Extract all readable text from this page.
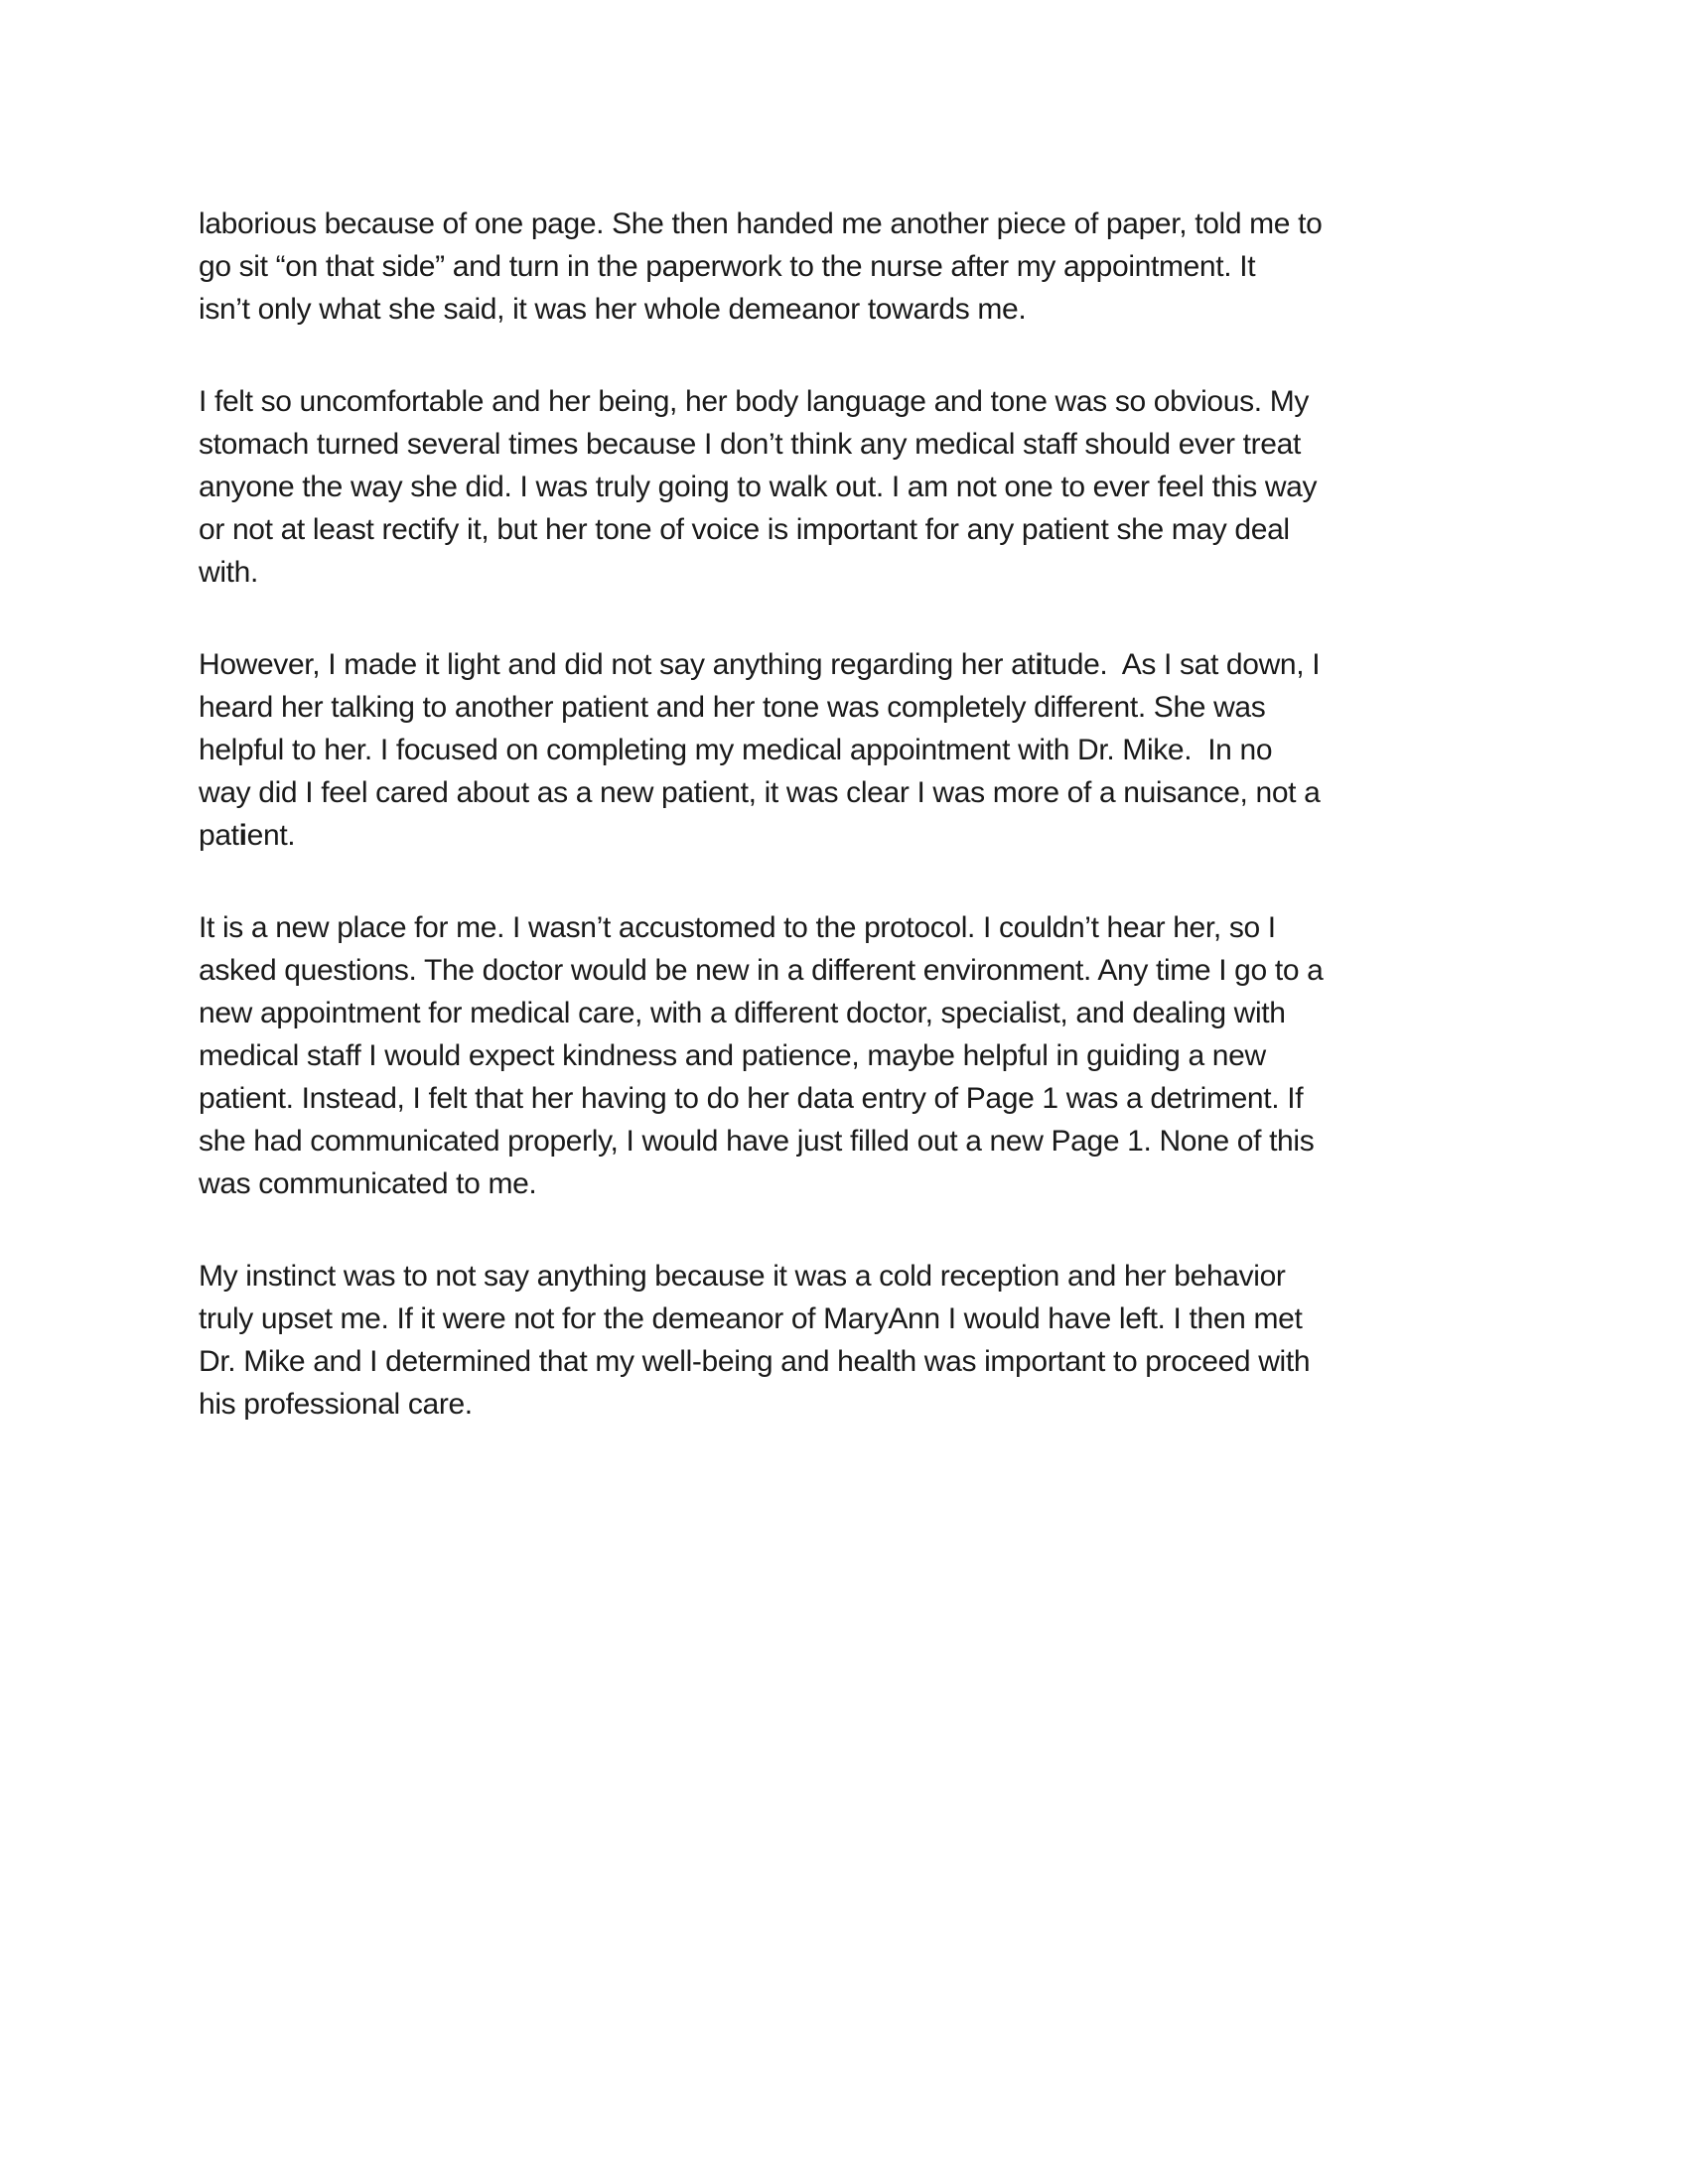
laborious because of one page. She then handed me another piece of paper, told me to
go sit “on that side” and turn in the paperwork to the nurse after my appointment. It
isn’t only what she said, it was her whole demeanor towards me.

I felt so uncomfortable and her being, her body language and tone was so obvious. My
stomach turned several times because I don’t think any medical staff should ever treat
anyone the way she did. I was truly going to walk out. I am not one to ever feel this way
or not at least rectify it, but her tone of voice is important for any patient she may deal
with.

However, I made it light and did not say anything regarding her atitude.  As I sat down, I
heard her talking to another patient and her tone was completely different. She was
helpful to her. I focused on completing my medical appointment with Dr. Mike.  In no
way did I feel cared about as a new patient, it was clear I was more of a nuisance, not a
patient.

It is a new place for me. I wasn’t accustomed to the protocol. I couldn’t hear her, so I
asked questions. The doctor would be new in a different environment. Any time I go to a
new appointment for medical care, with a different doctor, specialist, and dealing with
medical staff I would expect kindness and patience, maybe helpful in guiding a new
patient. Instead, I felt that her having to do her data entry of Page 1 was a detriment. If
she had communicated properly, I would have just filled out a new Page 1. None of this
was communicated to me.

My instinct was to not say anything because it was a cold reception and her behavior
truly upset me. If it were not for the demeanor of MaryAnn I would have left. I then met
Dr. Mike and I determined that my well-being and health was important to proceed with
his professional care.
